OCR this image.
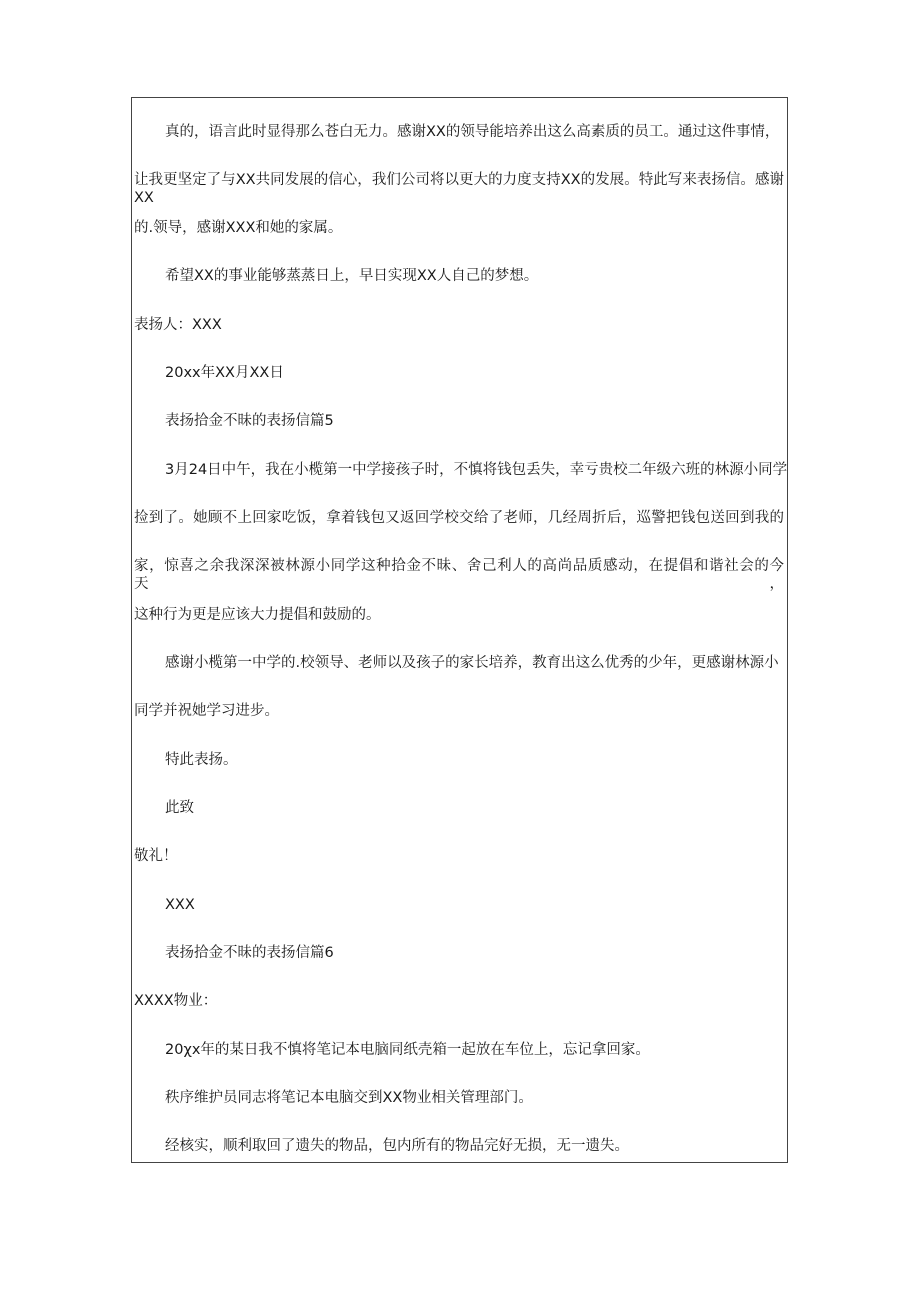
真的，语言此时显得那么苍白无力。感谢XX的领导能培养出这么高素质的员工。通过这件事情，

让我更坚定了与XX共同发展的信心，我们公司将以更大的力度支持XX的发展。特此写来表扬信。感谢XX

的.领导，感谢XXX和她的家属。

希望XX的事业能够蒸蒸日上，早日实现XX人自己的梦想。

表扬人：XXX

20xx年XX月XX日

表扬拾金不昧的表扬信篇5

3月24日中午，我在小榄第一中学接孩子时，不慎将钱包丢失，幸亏贵校二年级六班的林源小同学

捡到了。她顾不上回家吃饭，拿着钱包又返回学校交给了老师，几经周折后，巡警把钱包送回到我的

家，惊喜之余我深深被林源小同学这种拾金不昧、舍己利人的高尚品质感动，在提倡和谐社会的今天，

这种行为更是应该大力提倡和鼓励的。

感谢小榄第一中学的.校领导、老师以及孩子的家长培养，教育出这么优秀的少年，更感谢林源小

同学并祝她学习进步。

特此表扬。

此致

敬礼！

XXX

表扬拾金不昧的表扬信篇6

XXXX物业：

20χx年的某日我不慎将笔记本电脑同纸壳箱一起放在车位上，忘记拿回家。

秩序维护员同志将笔记本电脑交到XX物业相关管理部门。

经核实，顺利取回了遗失的物品，包内所有的物品完好无损，无一遗失。
